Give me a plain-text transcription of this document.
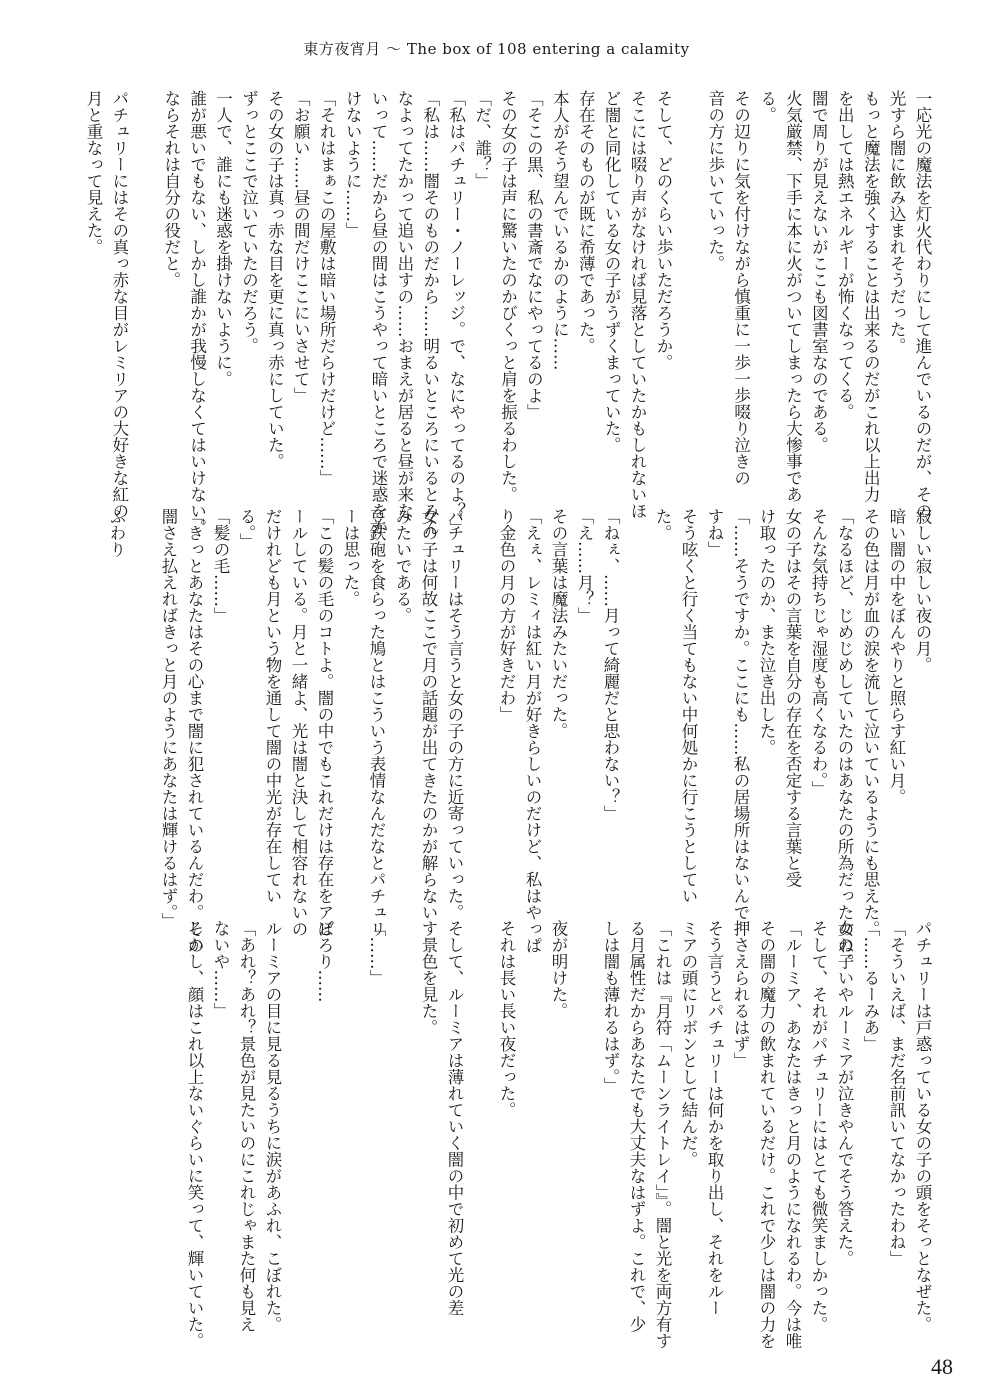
東方夜宵月 〜 The box of 108 entering a calamity
一応光の魔法を灯火代わりにして進んでいるのだが、その
光すら闇に飲み込まれそうだった。
もっと魔法を強くすることは出来るのだがこれ以上出力
を出しては熱エネルギーが怖くなってくる。
闇で周りが見えないがここも図書室なのである。
火気厳禁、下手に本に火がついてしまったら大惨事であ
る。
その辺りに気を付けながら慎重に一歩一歩啜り泣きの
音の方に歩いていった。
そして、どのくらい歩いただろうか。
そこには啜り声がなければ見落としていたかもしれないほ
ど闇と同化している女の子がうずくまっていた。
存在そのものが既に希薄であった。
本人がそう望んでいるかのように……
「そこの黒、私の書斎でなにやってるのよ」
その女の子は声に驚いたのかびくっと肩を振るわした。
「だ、誰？」
「私はパチュリー・ノーレッジ。で、なにやってるのよ？」
「私は……闇そのものだから……明るいところにいるとみん
なよってたかって追い出すの……おまえが居ると昼が来な
いって……だから昼の間はこうやって暗いところで迷惑をか
けないように……」
「それはまぁこの屋敷は暗い場所だらけだけど……」
「お願い……昼の間だけここにいさせて」
その女の子は真っ赤な目を更に真っ赤にしていた。
ずっとここで泣いていたのだろう。
一人で、誰にも迷惑を掛けないように。
誰が悪いでもない、しかし誰かが我慢しなくてはいけない。
ならそれは自分の役だと。
パチュリーにはその真っ赤な目がレミリアの大好きな紅の
月と重なって見えた。
寂しい寂しい夜の月。
暗い闇の中をぼんやりと照らす紅い月。
その色は月が血の涙を流して泣いているようにも思えた。
「なるほど、じめじめしていたのはあなたの所為だったのね。
そんな気持ちじゃ湿度も高くなるわ。」
女の子はその言葉を自分の存在を否定する言葉と受
け取ったのか、また泣き出した。
「……そうですか。ここにも……私の居場所はないんで
すね」
そう呟くと行く当てもない中何処かに行こうとしてい
た。
「ねぇ、……月って綺麗だと思わない？」
「え……月？」
その言葉は魔法みたいだった。
「えぇ、レミィは紅い月が好きらしいのだけど、私はやっぱ
り金色の月の方が好きだわ」
パチュリーはそう言うと女の子の方に近寄っていった。
女の子は何故ここで月の話題が出てきたのかが解らない
みたいである。
豆鉄砲を食らった鳩とはこういう表情なんだなとパチュリ
ーは思った。
「この髪の毛のコトよ。闇の中でもこれだけは存在をアピ
ールしている。月と一緒よ、光は闇と決して相容れないの
だけれども月という物を通して闇の中光が存在してい
る。」
「髪の毛……」
「きっとあなたはその心まで闇に犯されているんだわ。その
闇さえ払えればきっと月のようにあなたは輝けるはず。」
ふわり
パチュリーは戸惑っている女の子の頭をそっとなぜた。
「そういえば、まだ名前訊いてなかったわね」
「……るーみあ」
女の子いやルーミアが泣きやんでそう答えた。
そして、それがパチュリーにはとても微笑ましかった。
「ルーミア、あなたはきっと月のようになれるわ。今は唯
その闇の魔力の飲まれているだけ。これで少しは闇の力を
押さえられるはず」
そう言うとパチュリーは何かを取り出し、それをルー
ミアの頭にリボンとして結んだ。
「これは『月符「ムーンライトレイ」』。闇と光を両方有す
る月属性だからあなたでも大丈夫なはずよ。これで、少
しは闇も薄れるはず。」
夜が明けた。
それは長い長い夜だった。
そして、ルーミアは薄れていく闇の中で初めて光の差
す景色を見た。
「……」
ぽろり……
ルーミアの目に見る見るうちに涙があふれ、こぼれた。
「あれ？あれ？景色が見たいのにこれじゃまた何も見え
ないや……」
しかし、顔はこれ以上ないぐらいに笑って、輝いていた。
48
